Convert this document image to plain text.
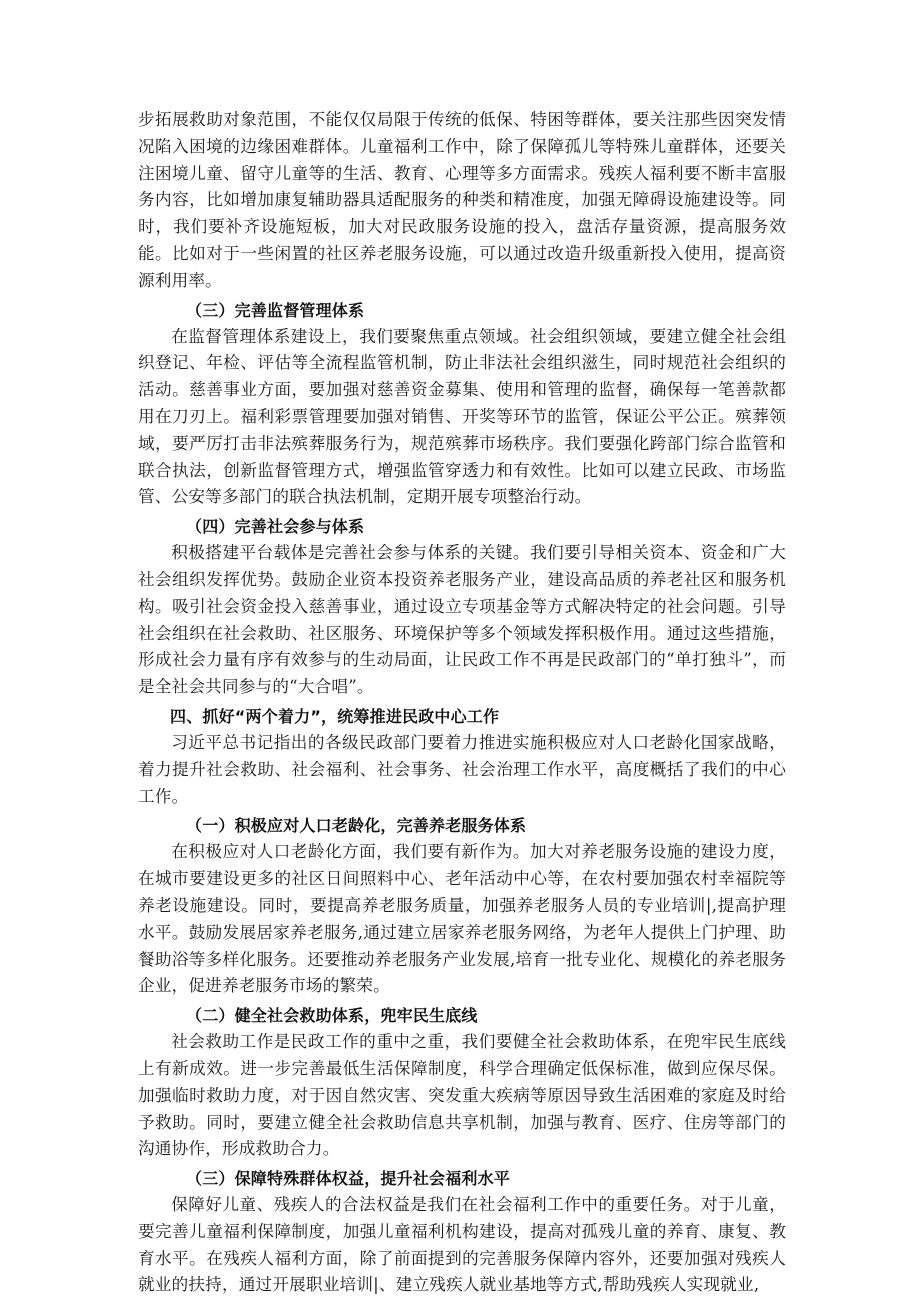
步拓展救助对象范围，不能仅仅局限于传统的低保、特困等群体，要关注那些因突发情况陷入困境的边缘困难群体。儿童福利工作中，除了保障孤儿等特殊儿童群体，还要关注困境儿童、留守儿童等的生活、教育、心理等多方面需求。残疾人福利要不断丰富服务内容，比如增加康复辅助器具适配服务的种类和精准度，加强无障碍设施建设等。同时，我们要补齐设施短板，加大对民政服务设施的投入，盘活存量资源，提高服务效能。比如对于一些闲置的社区养老服务设施，可以通过改造升级重新投入使用，提高资源利用率。

（三）完善监督管理体系

在监督管理体系建设上，我们要聚焦重点领域。社会组织领域，要建立健全社会组织登记、年检、评估等全流程监管机制，防止非法社会组织滋生，同时规范社会组织的活动。慈善事业方面，要加强对慈善资金募集、使用和管理的监督，确保每一笔善款都用在刀刃上。福利彩票管理要加强对销售、开奖等环节的监管，保证公平公正。殡葬领域，要严厉打击非法殡葬服务行为，规范殡葬市场秩序。我们要强化跨部门综合监管和联合执法，创新监督管理方式，增强监管穿透力和有效性。比如可以建立民政、市场监管、公安等多部门的联合执法机制，定期开展专项整治行动。

（四）完善社会参与体系

积极搭建平台载体是完善社会参与体系的关键。我们要引导相关资本、资金和广大社会组织发挥优势。鼓励企业资本投资养老服务产业，建设高品质的养老社区和服务机构。吸引社会资金投入慈善事业，通过设立专项基金等方式解决特定的社会问题。引导社会组织在社会救助、社区服务、环境保护等多个领域发挥积极作用。通过这些措施，形成社会力量有序有效参与的生动局面，让民政工作不再是民政部门的“单打独斗”，而是全社会共同参与的“大合唱”。

四、抓好“两个着力”，统筹推进民政中心工作

习近平总书记指出的各级民政部门要着力推进实施积极应对人口老龄化国家战略，着力提升社会救助、社会福利、社会事务、社会治理工作水平，高度概括了我们的中心工作。

（一）积极应对人口老龄化，完善养老服务体系

在积极应对人口老龄化方面，我们要有新作为。加大对养老服务设施的建设力度，在城市要建设更多的社区日间照料中心、老年活动中心等，在农村要加强农村幸福院等养老设施建设。同时，要提高养老服务质量，加强养老服务人员的专业培训|,提高护理水平。鼓励发展居家养老服务,通过建立居家养老服务网络，为老年人提供上门护理、助餐助浴等多样化服务。还要推动养老服务产业发展,培育一批专业化、规模化的养老服务企业，促进养老服务市场的繁荣。

（二）健全社会救助体系，兜牢民生底线

社会救助工作是民政工作的重中之重，我们要健全社会救助体系，在兜牢民生底线上有新成效。进一步完善最低生活保障制度，科学合理确定低保标准，做到应保尽保。加强临时救助力度，对于因自然灾害、突发重大疾病等原因导致生活困难的家庭及时给予救助。同时，要建立健全社会救助信息共享机制，加强与教育、医疗、住房等部门的沟通协作，形成救助合力。

（三）保障特殊群体权益，提升社会福利水平

保障好儿童、残疾人的合法权益是我们在社会福利工作中的重要任务。对于儿童，要完善儿童福利保障制度，加强儿童福利机构建设，提高对孤残儿童的养育、康复、教育水平。在残疾人福利方面，除了前面提到的完善服务保障内容外，还要加强对残疾人就业的扶持，通过开展职业培训|、建立残疾人就业基地等方式,帮助残疾人实现就业,
